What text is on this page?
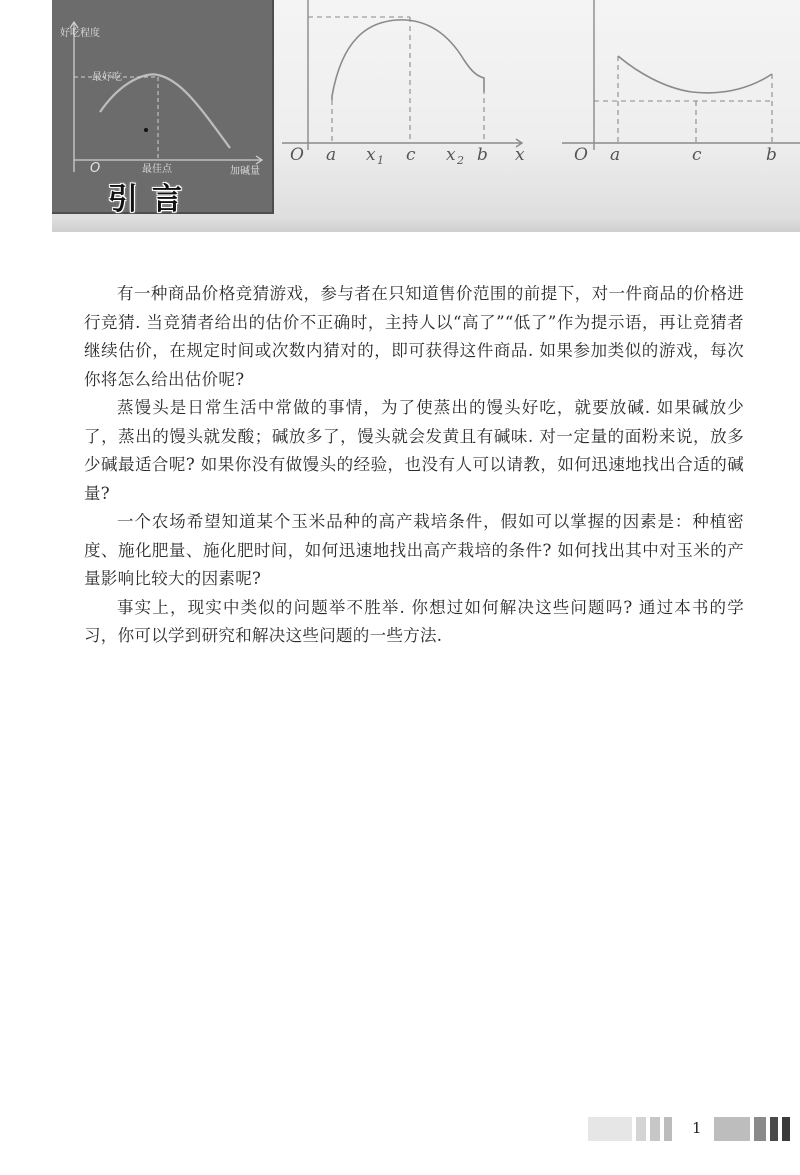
O a x 1 c x 2 b x	O a	c	b
好吃程度
最好吃
最佳点	加碱量
O
引言

有一种商品价格竞猜游戏，参与者在只知道售价范围的前提下，对一件商品的价格进行竞猜. 当竞猜者给出的估价不正确时，主持人以“高了”“低了”作为提示语，再让竞猜者继续估价，在规定时间或次数内猜对的，即可获得这件商品. 如果参加类似的游戏，每次你将怎么给出估价呢?

蒸馒头是日常生活中常做的事情，为了使蒸出的馒头好吃，就要放碱. 如果碱放少了，蒸出的馒头就发酸；碱放多了，馒头就会发黄且有碱味. 对一定量的面粉来说，放多少碱最适合呢? 如果你没有做馒头的经验，也没有人可以请教，如何迅速地找出合适的碱量?

一个农场希望知道某个玉米品种的高产栽培条件，假如可以掌握的因素是：种植密度、施化肥量、施化肥时间，如何迅速地找出高产栽培的条件? 如何找出其中对玉米的产量影响比较大的因素呢?

事实上，现实中类似的问题举不胜举. 你想过如何解决这些问题吗? 通过本书的学习，你可以学到研究和解决这些问题的一些方法.

1
